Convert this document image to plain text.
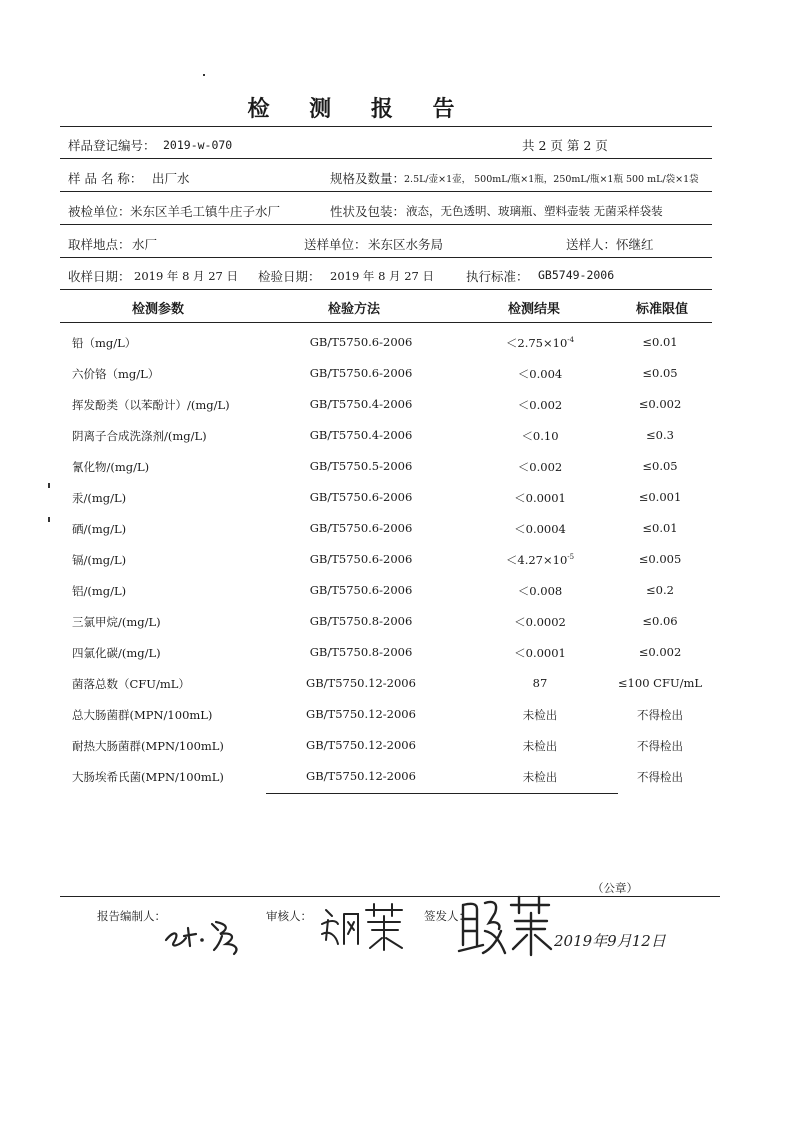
检 测 报 告
样品登记编号： 2019-w-070	共 2 页 第 2 页
样 品 名 称： 出厂水	规格及数量：
2.5L/壶×1壶， 500mL/瓶×1瓶，250mL/瓶×1瓶 500 mL/袋×1袋
被检单位： 米东区羊毛工镇牛庄子水厂	性状及包装： 液态，无色透明、玻璃瓶、塑料壶装 无菌采样袋装
取样地点： 水厂	送样单位： 米东区水务局	送样人： 怀继红
收样日期： 2019 年 8 月 27 日 检验日期： 2019 年 8 月 27 日	执行标准： GB5749-2006
检测参数	检验方法	检测结果	标准限值
铅（mg/L）	GB/T5750.6-2006	$<2.75\times 10^{-4}$	≤0.01
六价铬（mg/L）	GB/T5750.6-2006	＜0.004	≤0.05
挥发酚类（以苯酚计）/(mg/L)	GB/T5750.4-2006	＜0.002	≤0.002
阴离子合成洗涤剂/(mg/L)	GB/T5750.4-2006	＜0.10	≤0.3
氰化物/(mg/L)	GB/T5750.5-2006	＜0.002	≤0.05
汞/(mg/L)	GB/T5750.6-2006	＜0.0001	≤0.001
硒/(mg/L)	GB/T5750.6-2006	＜0.0004	≤0.01
镉/(mg/L)	GB/T5750.6-2006	$<4.27\times 10^{-5}$	≤0.005
铝/(mg/L)	GB/T5750.6-2006	＜0.008	≤0.2
三氯甲烷/(mg/L)	GB/T5750.8-2006	＜0.0002	≤0.06
四氯化碳/(mg/L)	GB/T5750.8-2006	＜0.0001	≤0.002
菌落总数（CFU/mL）	GB/T5750.12-2006	87	≤100 CFU/mL
总大肠菌群(MPN/100mL)	GB/T5750.12-2006	未检出	不得检出
耐热大肠菌群(MPN/100mL)	GB/T5750.12-2006	未检出	不得检出
大肠埃希氏菌(MPN/100mL)	GB/T5750.12-2006	未检出	不得检出
（公章）
报告编制人：	审核人：	签发人：
2019年9月12日
